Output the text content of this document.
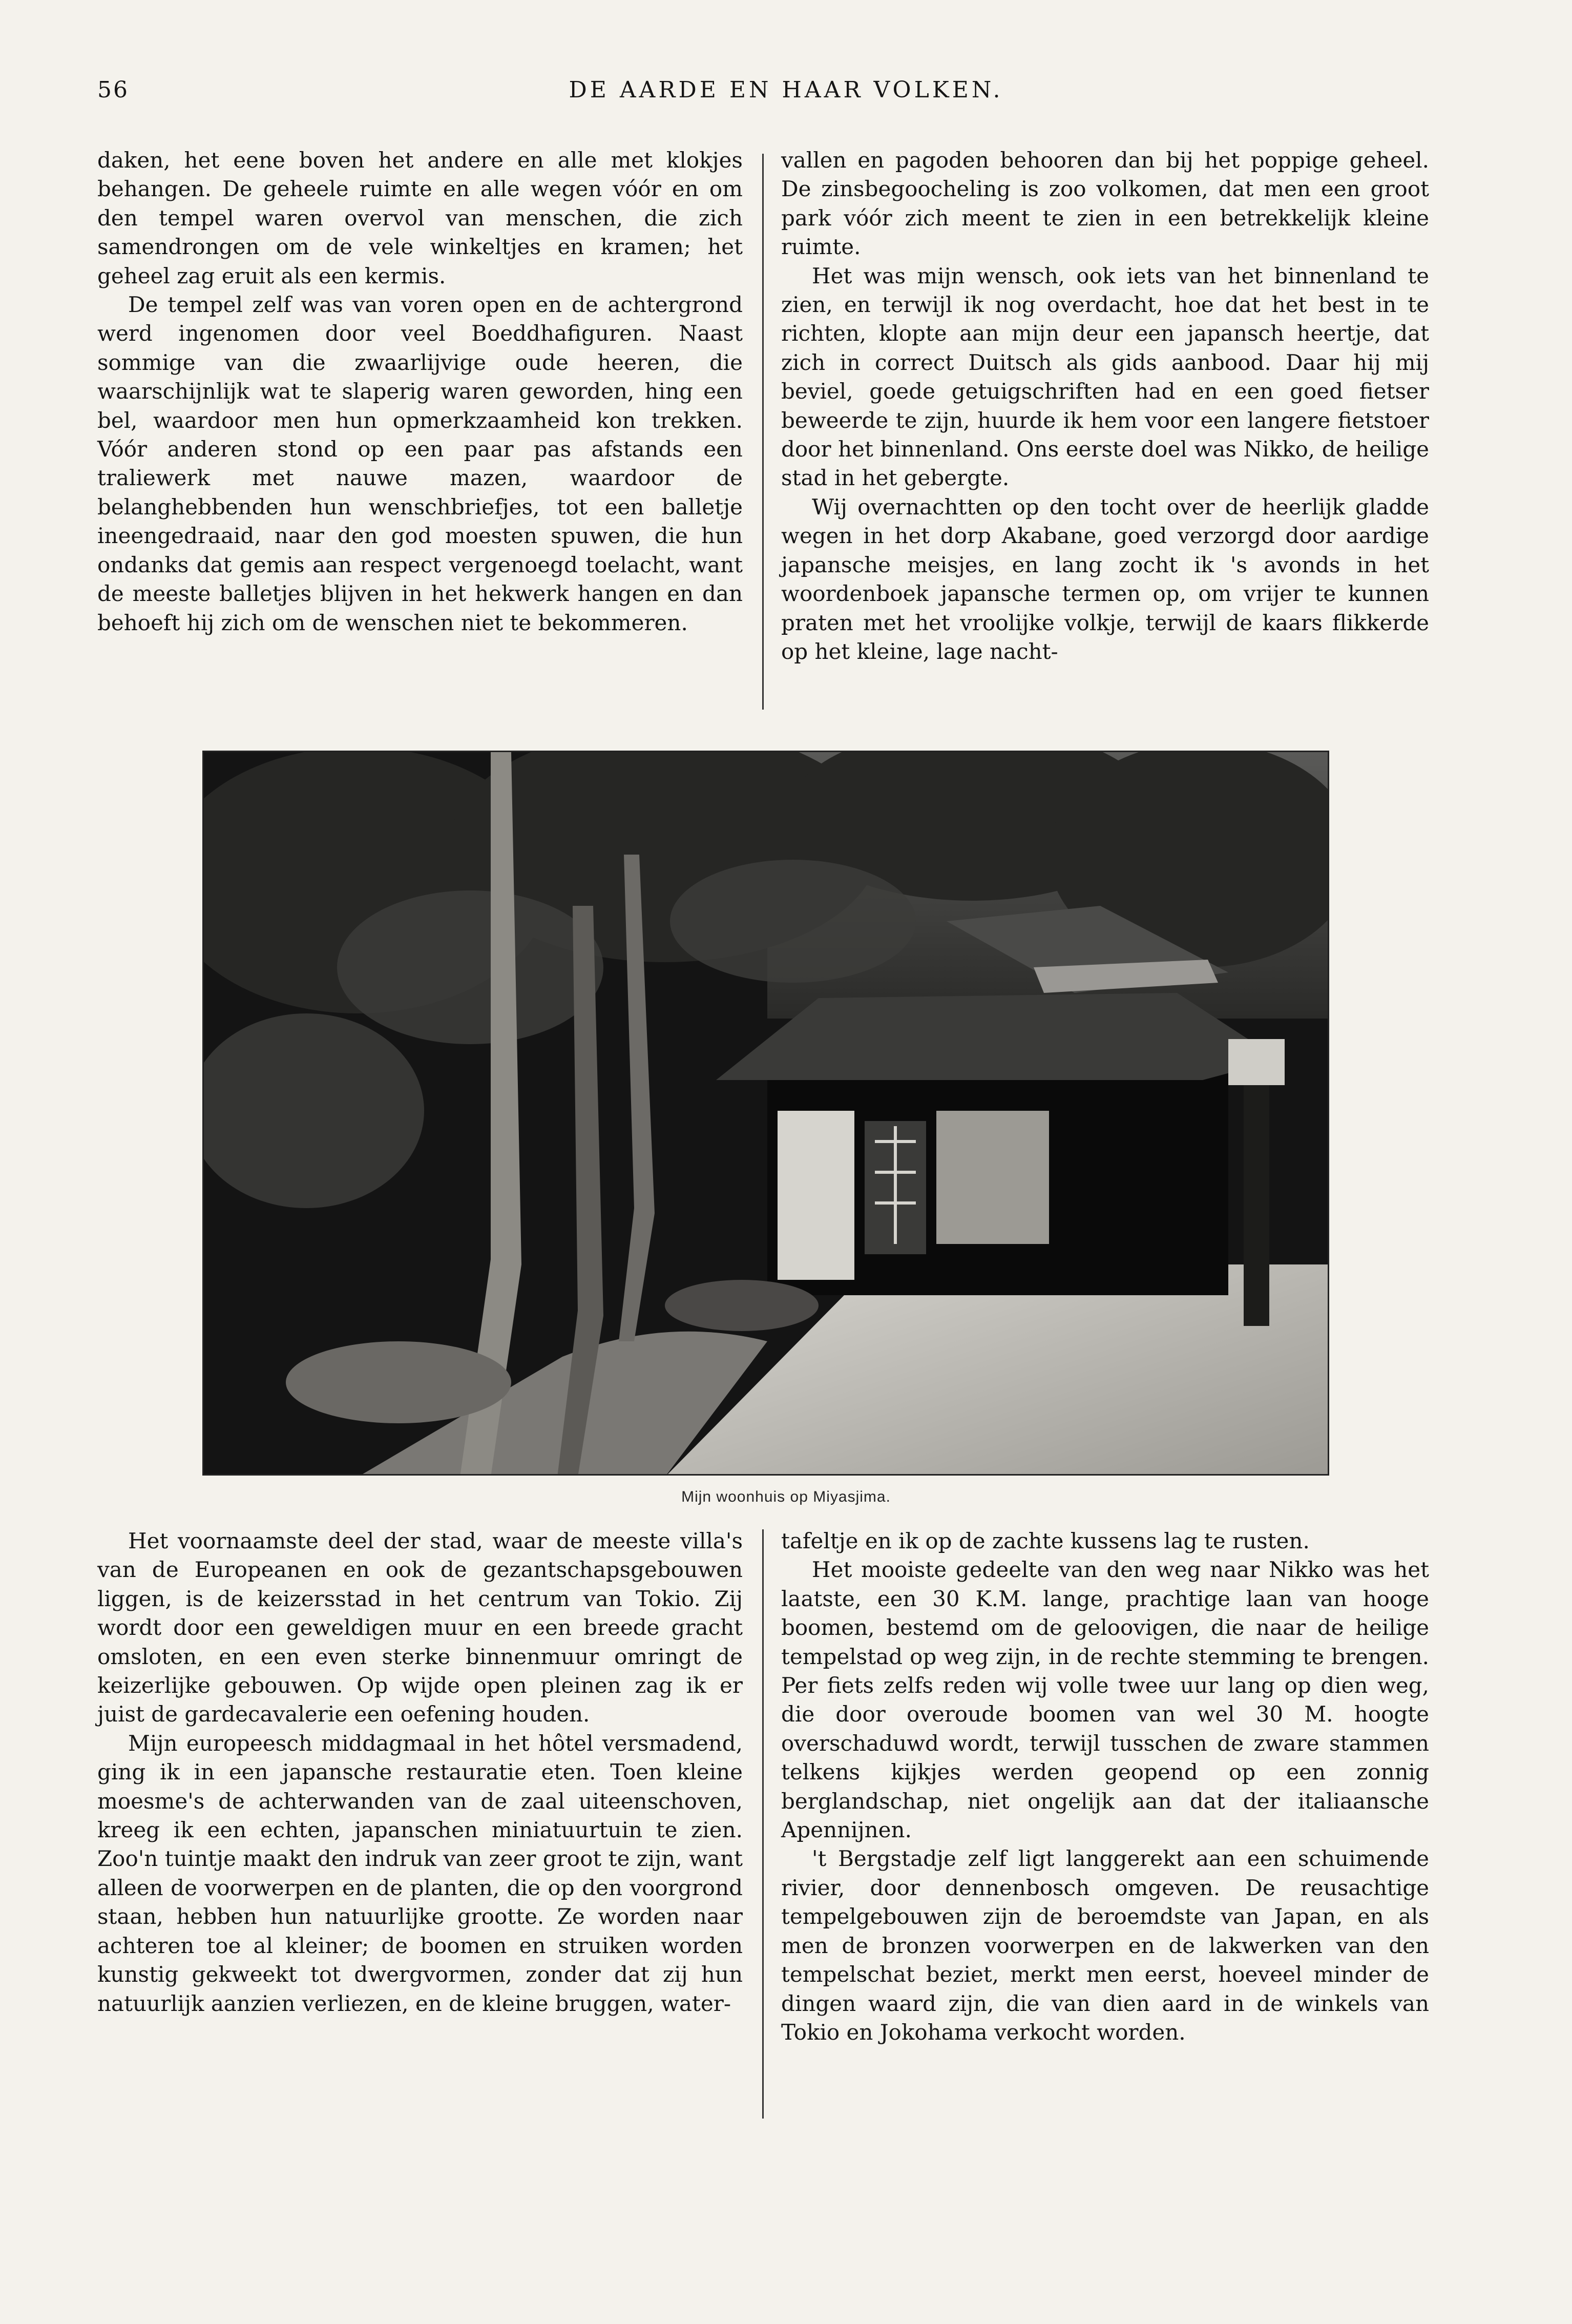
56	DE AARDE EN HAAR VOLKEN.

daken, het eene boven het andere en alle met klokjes behangen. De geheele ruimte en alle wegen vóór en om den tempel waren overvol van menschen, die zich samendrongen om de vele winkeltjes en kramen; het geheel zag eruit als een kermis.

De tempel zelf was van voren open en de achtergrond werd ingenomen door veel Boeddhafiguren. Naast sommige van die zwaarlijvige oude heeren, die waarschijnlijk wat te slaperig waren geworden, hing een bel, waardoor men hun opmerkzaamheid kon trekken. Vóór anderen stond op een paar pas afstands een traliewerk met nauwe mazen, waardoor de belanghebbenden hun wenschbriefjes, tot een balletje ineengedraaid, naar den god moesten spuwen, die hun ondanks dat gemis aan respect vergenoegd toelacht, want de meeste balletjes blijven in het hekwerk hangen en dan behoeft hij zich om de wenschen niet te bekommeren.

vallen en pagoden behooren dan bij het poppige geheel. De zinsbegoocheling is zoo volkomen, dat men een groot park vóór zich meent te zien in een betrekkelijk kleine ruimte.

Het was mijn wensch, ook iets van het binnenland te zien, en terwijl ik nog overdacht, hoe dat het best in te richten, klopte aan mijn deur een japansch heertje, dat zich in correct Duitsch als gids aanbood. Daar hij mij beviel, goede getuigschriften had en een goed fietser beweerde te zijn, huurde ik hem voor een langere fietstoer door het binnenland. Ons eerste doel was Nikko, de heilige stad in het gebergte.

Wij overnachtten op den tocht over de heerlijk gladde wegen in het dorp Akabane, goed verzorgd door aardige japansche meisjes, en lang zocht ik 's avonds in het woordenboek japansche termen op, om vrijer te kunnen praten met het vroolijke volkje, terwijl de kaars flikkerde op het kleine, lage nacht-

Mijn woonhuis op Miyasjima.

Het voornaamste deel der stad, waar de meeste villa's van de Europeanen en ook de gezantschapsgebouwen liggen, is de keizersstad in het centrum van Tokio. Zij wordt door een geweldigen muur en een breede gracht omsloten, en een even sterke binnenmuur omringt de keizerlijke gebouwen. Op wijde open pleinen zag ik er juist de gardecavalerie een oefening houden.

Mijn europeesch middagmaal in het hôtel versmadend, ging ik in een japansche restauratie eten. Toen kleine moesme's de achterwanden van de zaal uiteenschoven, kreeg ik een echten, japanschen miniatuurtuin te zien. Zoo'n tuintje maakt den indruk van zeer groot te zijn, want alleen de voorwerpen en de planten, die op den voorgrond staan, hebben hun natuurlijke grootte. Ze worden naar achteren toe al kleiner; de boomen en struiken worden kunstig gekweekt tot dwergvormen, zonder dat zij hun natuurlijk aanzien verliezen, en de kleine bruggen, water-

tafeltje en ik op de zachte kussens lag te rusten.

Het mooiste gedeelte van den weg naar Nikko was het laatste, een 30 K.M. lange, prachtige laan van hooge boomen, bestemd om de geloovigen, die naar de heilige tempelstad op weg zijn, in de rechte stemming te brengen. Per fiets zelfs reden wij volle twee uur lang op dien weg, die door overoude boomen van wel 30 M. hoogte overschaduwd wordt, terwijl tusschen de zware stammen telkens kijkjes werden geopend op een zonnig berglandschap, niet ongelijk aan dat der italiaansche Apennijnen.

't Bergstadje zelf ligt langgerekt aan een schuimende rivier, door dennenbosch omgeven. De reusachtige tempelgebouwen zijn de beroemdste van Japan, en als men de bronzen voorwerpen en de lakwerken van den tempelschat beziet, merkt men eerst, hoeveel minder de dingen waard zijn, die van dien aard in de winkels van Tokio en Jokohama verkocht worden.
